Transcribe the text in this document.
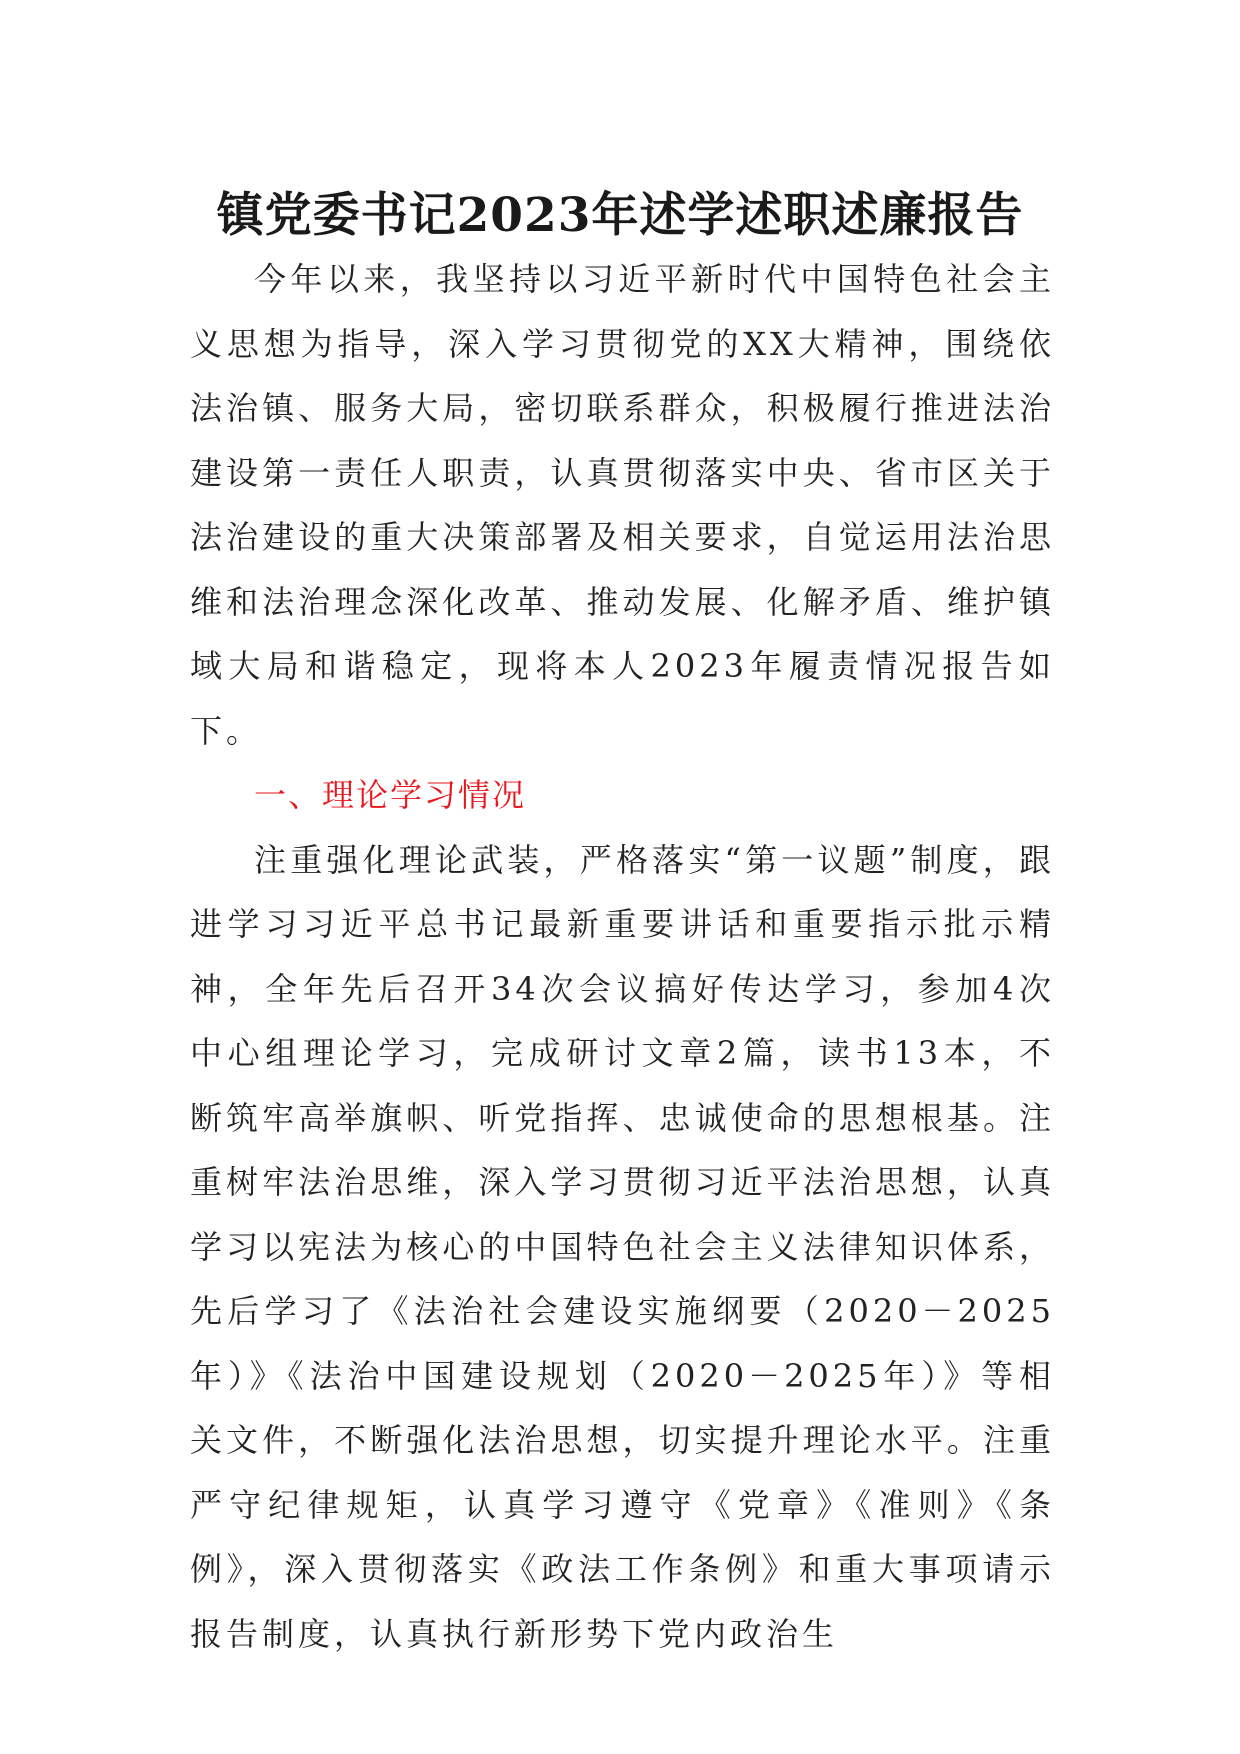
镇党委书记2023年述学述职述廉报告

今年以来，我坚持以习近平新时代中国特色社会主义思想为指导，深入学习贯彻党的XX大精神，围绕依法治镇、服务大局，密切联系群众，积极履行推进法治建设第一责任人职责，认真贯彻落实中央、省市区关于法治建设的重大决策部署及相关要求，自觉运用法治思维和法治理念深化改革、推动发展、化解矛盾、维护镇域大局和谐稳定，现将本人2023年履责情况报告如下。

一、理论学习情况

注重强化理论武装，严格落实“第一议题”制度，跟进学习习近平总书记最新重要讲话和重要指示批示精神，全年先后召开34次会议搞好传达学习，参加4次中心组理论学习，完成研讨文章2篇，读书13本，不断筑牢高举旗帜、听党指挥、忠诚使命的思想根基。注重树牢法治思维，深入学习贯彻习近平法治思想，认真学习以宪法为核心的中国特色社会主义法律知识体系，先后学习了《法治社会建设实施纲要（2020－2025年）》《法治中国建设规划（2020－2025年）》等相关文件，不断强化法治思想，切实提升理论水平。注重严守纪律规矩，认真学习遵守《党章》《准则》《条例》，深入贯彻落实《政法工作条例》和重大事项请示报告制度，认真执行新形势下党内政治生
